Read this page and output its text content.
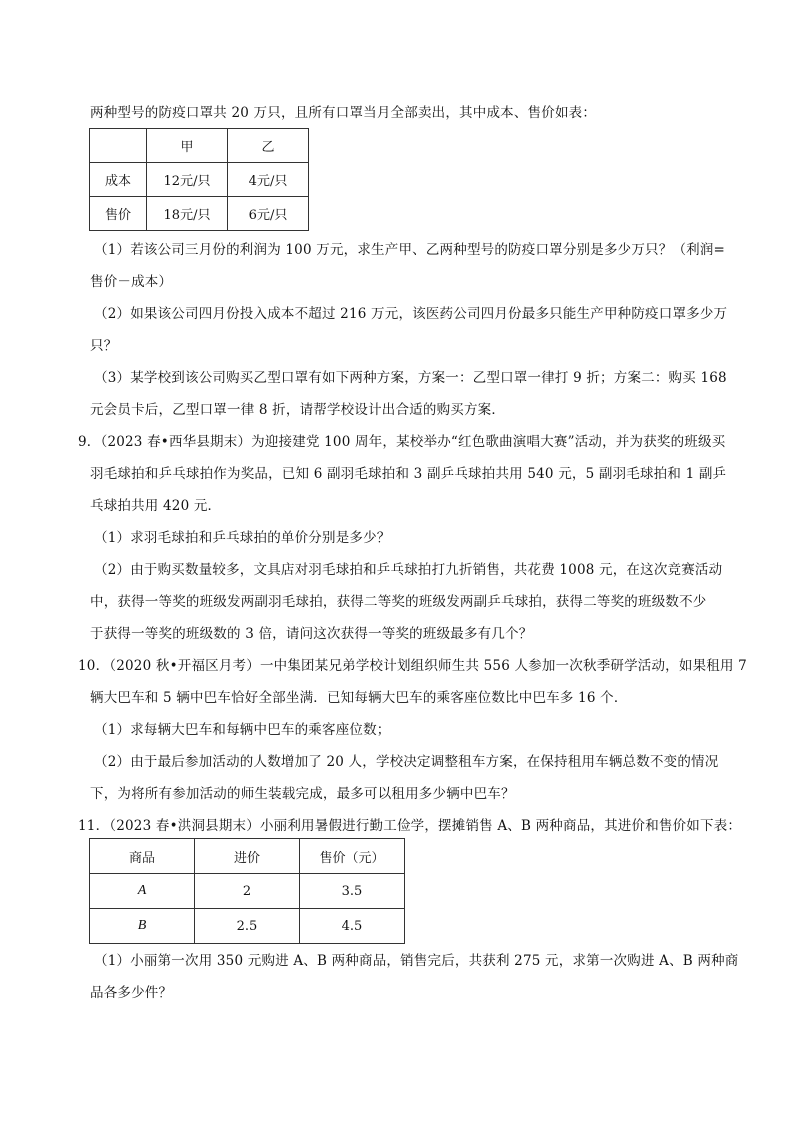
两种型号的防疫口罩共 20 万只，且所有口罩当月全部卖出，其中成本、售价如表：
	甲	乙
成本	12元/只	4元/只
售价	18元/只	6元/只
（1）若该公司三月份的利润为 100 万元，求生产甲、乙两种型号的防疫口罩分别是多少万只？（利润=
售价－成本）
（2）如果该公司四月份投入成本不超过 216 万元，该医药公司四月份最多只能生产甲种防疫口罩多少万
只？
（3）某学校到该公司购买乙型口罩有如下两种方案，方案一：乙型口罩一律打 9 折；方案二：购买 168
元会员卡后，乙型口罩一律 8 折，请帮学校设计出合适的购买方案．
9．（2023 春•西华县期末）为迎接建党 100 周年，某校举办“红色歌曲演唱大赛”活动，并为获奖的班级买
羽毛球拍和乒乓球拍作为奖品，已知 6 副羽毛球拍和 3 副乒乓球拍共用 540 元，5 副羽毛球拍和 1 副乒
乓球拍共用 420 元．
（1）求羽毛球拍和乒乓球拍的单价分别是多少？
（2）由于购买数量较多，文具店对羽毛球拍和乒乓球拍打九折销售，共花费 1008 元，在这次竞赛活动
中，获得一等奖的班级发两副羽毛球拍，获得二等奖的班级发两副乒乓球拍，获得二等奖的班级数不少
于获得一等奖的班级数的 3 倍，请问这次获得一等奖的班级最多有几个？
10．（2020 秋•开福区月考）一中集团某兄弟学校计划组织师生共 556 人参加一次秋季研学活动，如果租用 7
辆大巴车和 5 辆中巴车恰好全部坐满．已知每辆大巴车的乘客座位数比中巴车多 16 个．
（1）求每辆大巴车和每辆中巴车的乘客座位数；
（2）由于最后参加活动的人数增加了 20 人，学校决定调整租车方案，在保持租用车辆总数不变的情况
下，为将所有参加活动的师生装载完成，最多可以租用多少辆中巴车？
11．（2023 春•洪洞县期末）小丽利用暑假进行勤工俭学，摆摊销售 A、B 两种商品，其进价和售价如下表：
商品	进价	售价（元）
A	2	3.5
B	2.5	4.5
（1）小丽第一次用 350 元购进 A、B 两种商品，销售完后，共获利 275 元，求第一次购进 A、B 两种商
品各多少件？
